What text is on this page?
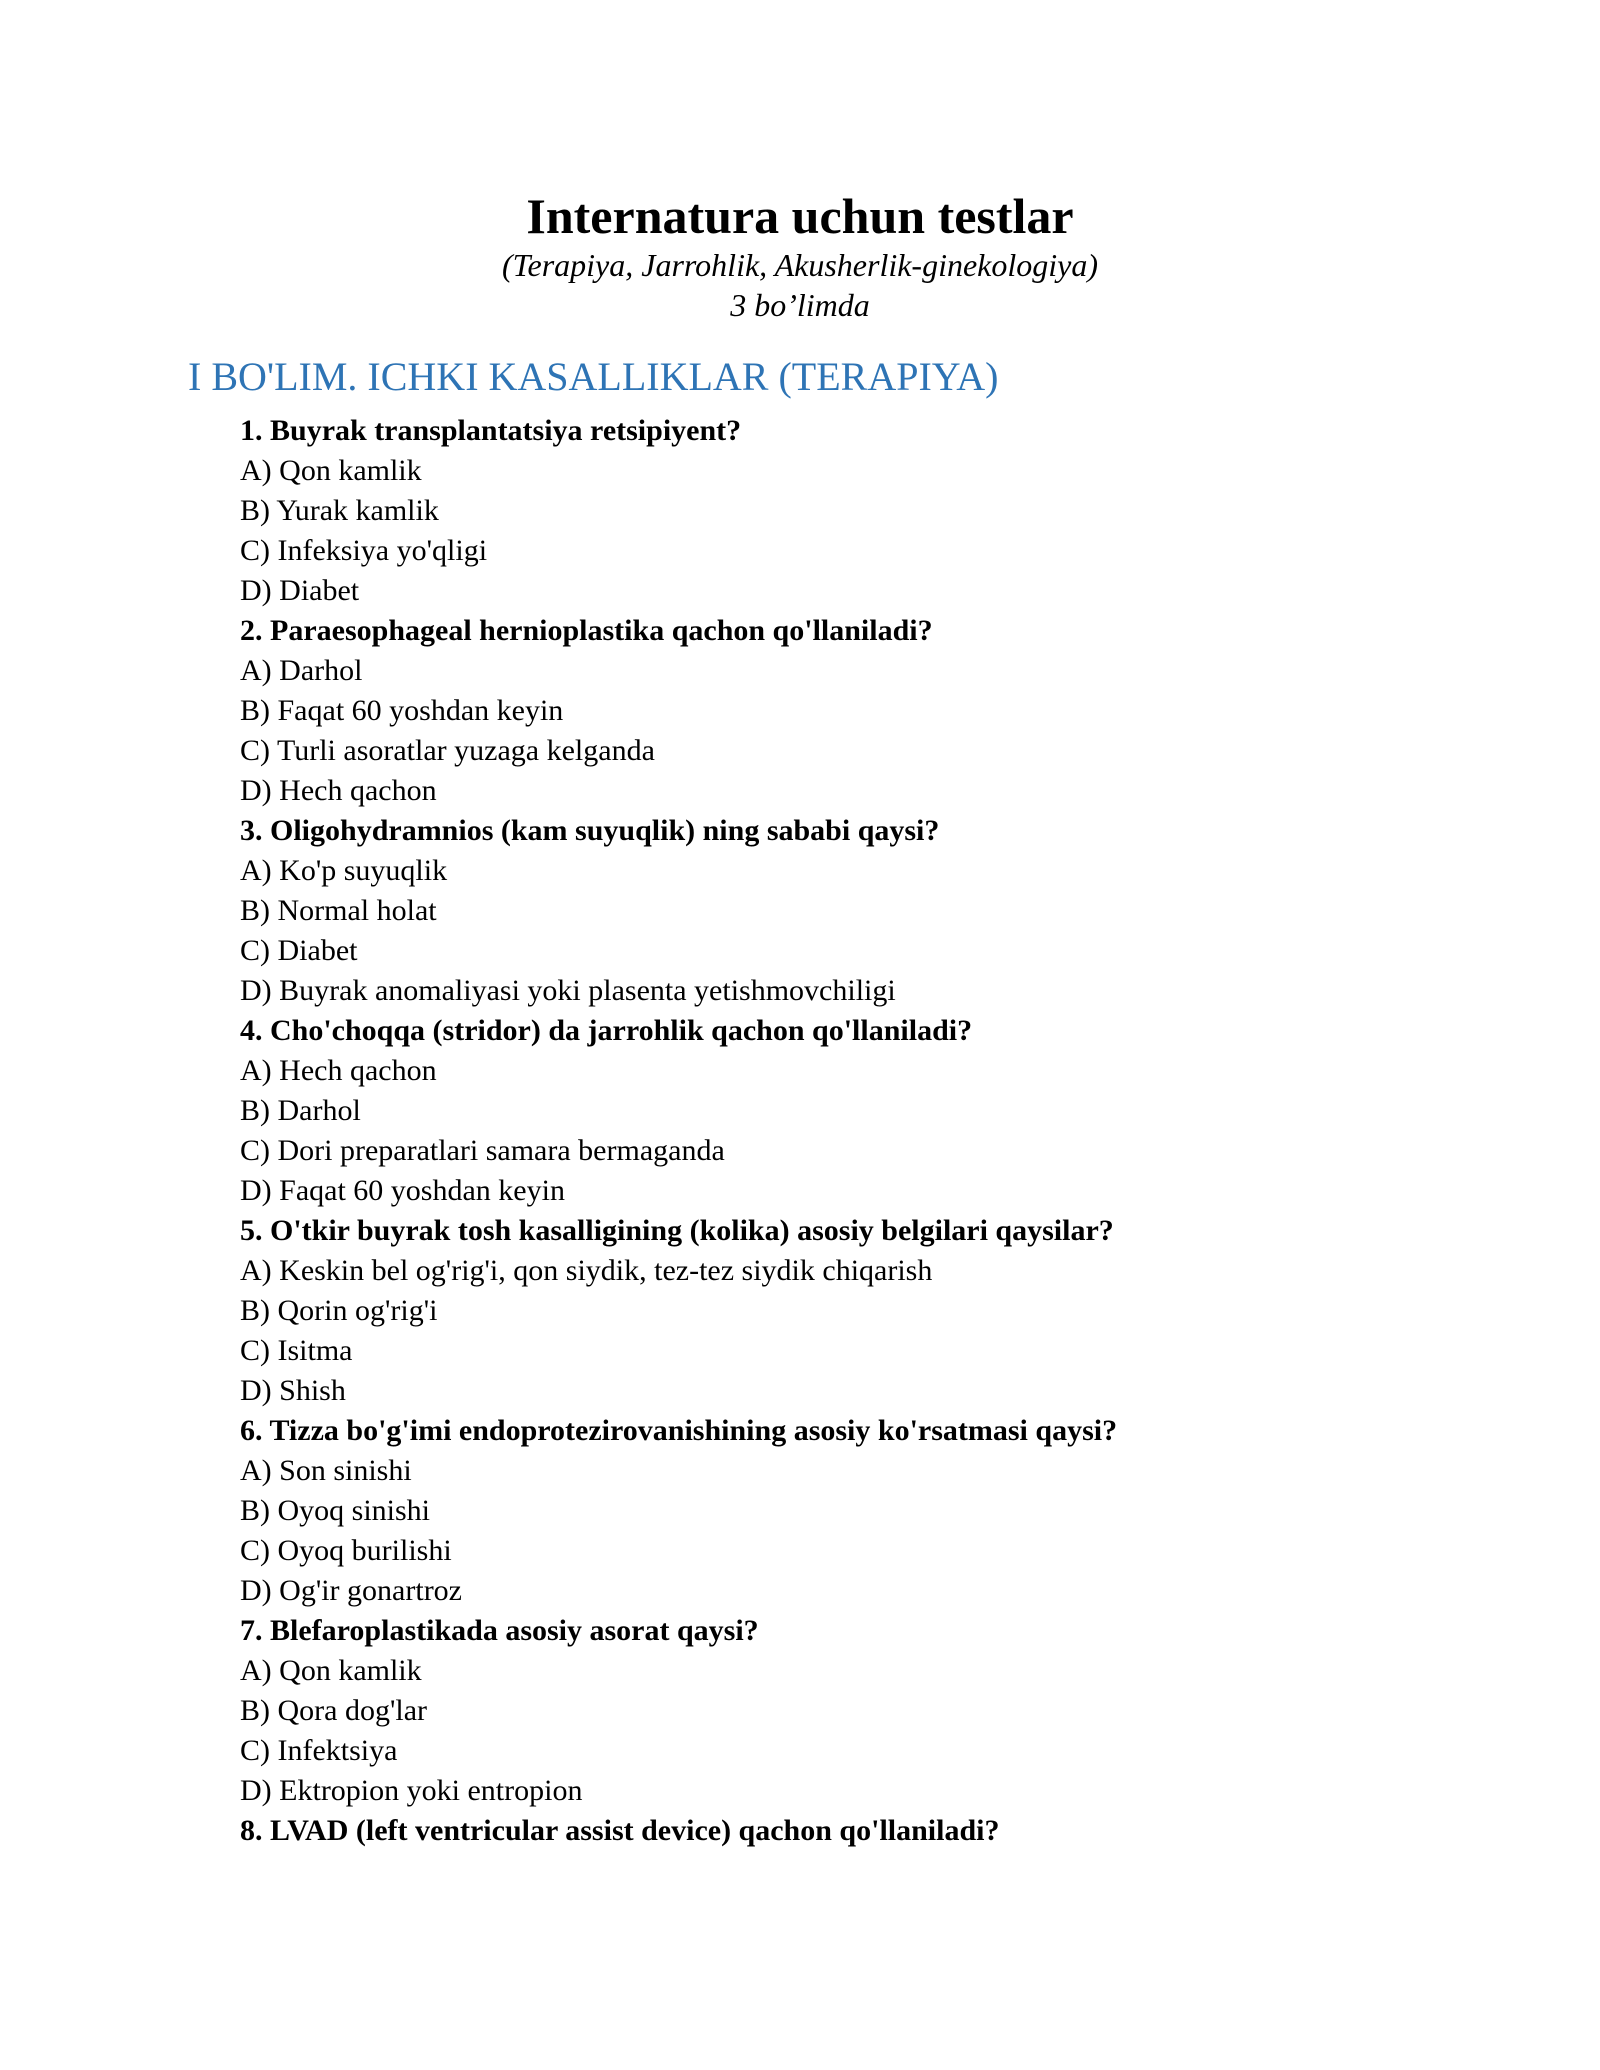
Internatura uchun testlar
(Terapiya, Jarrohlik, Akusherlik-ginekologiya)
3 bo’limda
I BO'LIM. ICHKI KASALLIKLAR (TERAPIYA)
1. Buyrak transplantatsiya retsipiyent?
A) Qon kamlik
B) Yurak kamlik
C) Infeksiya yo'qligi
D) Diabet
2. Paraesophageal hernioplastika qachon qo'llaniladi?
A) Darhol
B) Faqat 60 yoshdan keyin
C) Turli asoratlar yuzaga kelganda
D) Hech qachon
3. Oligohydramnios (kam suyuqlik) ning sababi qaysi?
A) Ko'p suyuqlik
B) Normal holat
C) Diabet
D) Buyrak anomaliyasi yoki plasenta yetishmovchiligi
4. Cho'choqqa (stridor) da jarrohlik qachon qo'llaniladi?
A) Hech qachon
B) Darhol
C) Dori preparatlari samara bermaganda
D) Faqat 60 yoshdan keyin
5. O'tkir buyrak tosh kasalligining (kolika) asosiy belgilari qaysilar?
A) Keskin bel og'rig'i, qon siydik, tez-tez siydik chiqarish
B) Qorin og'rig'i
C) Isitma
D) Shish
6. Tizza bo'g'imi endoprotezirovanishining asosiy ko'rsatmasi qaysi?
A) Son sinishi
B) Oyoq sinishi
C) Oyoq burilishi
D) Og'ir gonartroz
7. Blefaroplastikada asosiy asorat qaysi?
A) Qon kamlik
B) Qora dog'lar
C) Infektsiya
D) Ektropion yoki entropion
8. LVAD (left ventricular assist device) qachon qo'llaniladi?
